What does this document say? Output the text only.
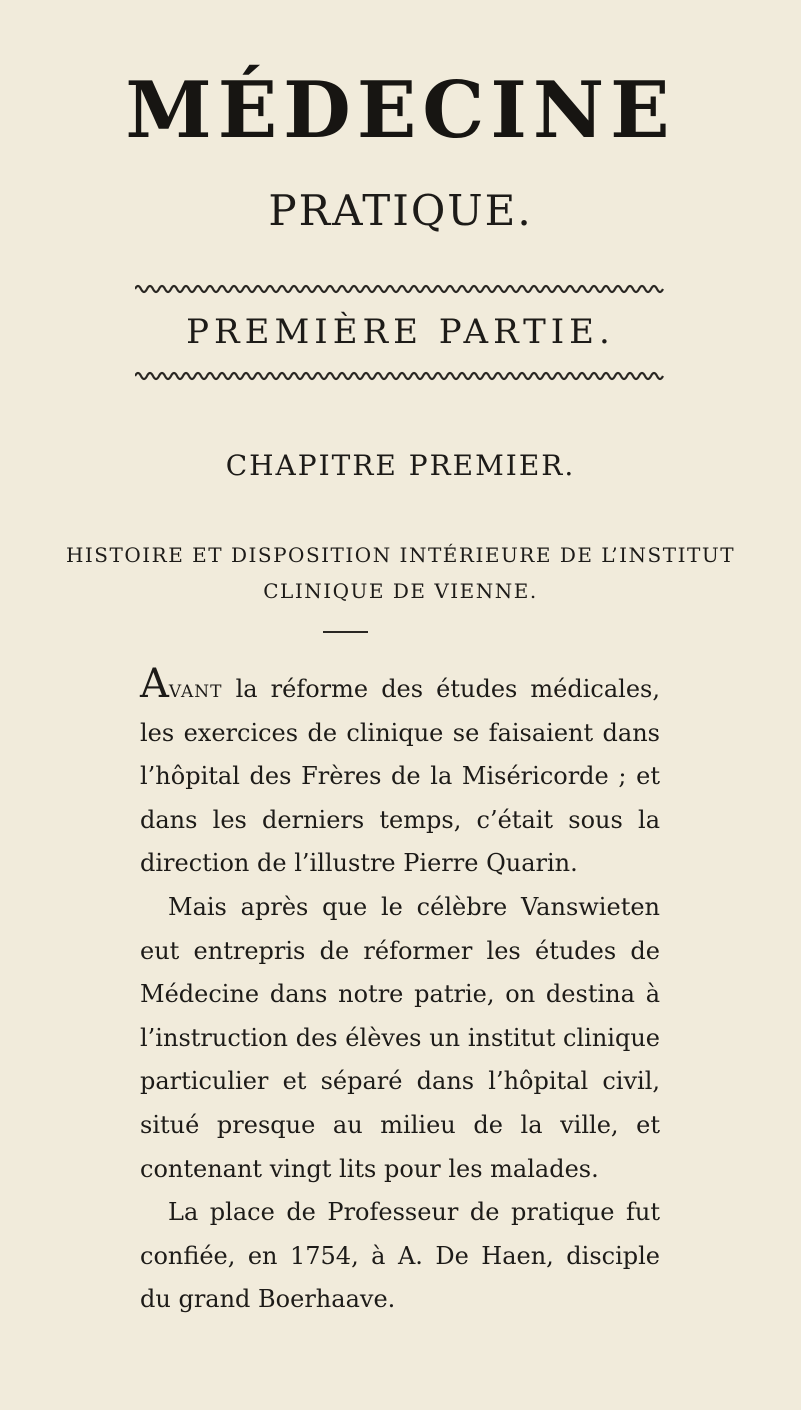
MÉDECINE
PRATIQUE.
PREMIÈRE PARTIE.
CHAPITRE PREMIER.
HISTOIRE ET DISPOSITION INTÉRIEURE DE L’INSTITUT
CLINIQUE DE VIENNE.

Avant la réforme des études médicales, les exercices de clinique se faisaient dans l’hôpital des Frères de la Miséricorde ; et dans les derniers temps, c’était sous la direction de l’illustre Pierre Quarin.

Mais après que le célèbre Vanswieten eut entrepris de réformer les études de Médecine dans notre patrie, on destina à l’instruction des élèves un institut clinique particulier et séparé dans l’hôpital civil, situé presque au milieu de la ville, et contenant vingt lits pour les malades.

La place de Professeur de pratique fut confiée, en 1754, à A. De Haen, disciple du grand Boerhaave.
